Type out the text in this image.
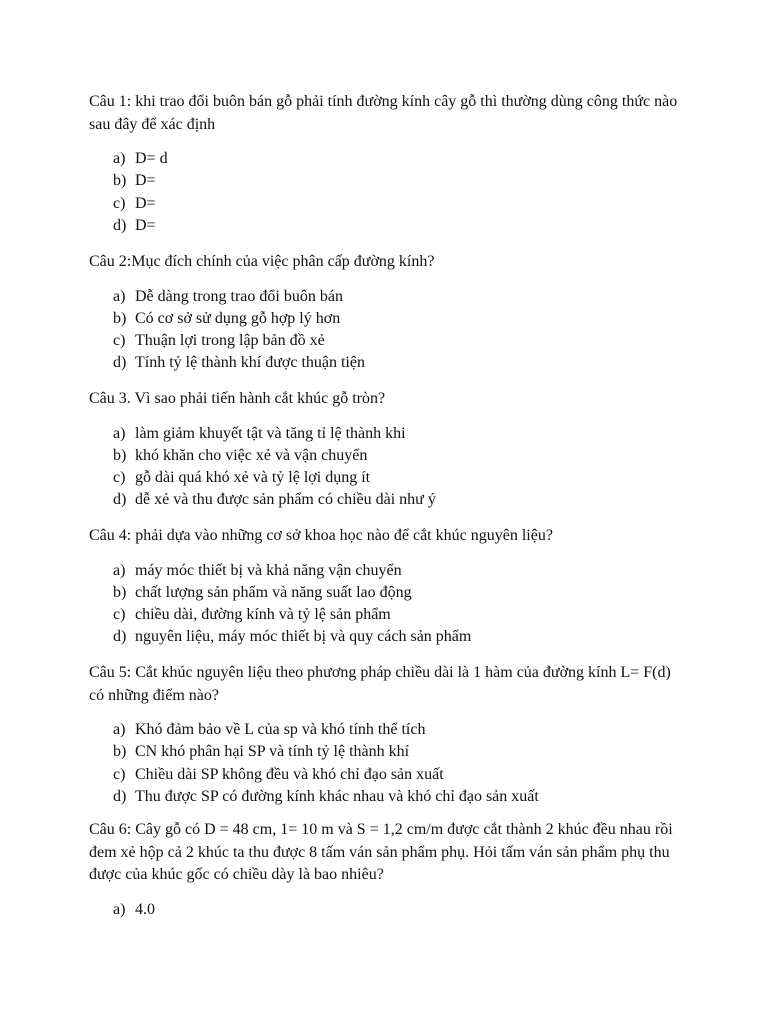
Câu 1: khi trao đổi buôn bán gỗ phải tính đường kính cây gỗ thì thường dùng công thức nào sau đây để xác định

a) D= d
b) D=
c) D=
d) D=

Câu 2:Mục đích chính của việc phân cấp đường kính?

a) Dễ dàng trong trao đổi buôn bán
b) Có cơ sở sử dụng gỗ hợp lý hơn
c) Thuận lợi trong lập bản đồ xẻ
d) Tính tỷ lệ thành khí được thuận tiện

Câu 3. Vì sao phải tiến hành cắt khúc gỗ tròn?

a) làm giảm khuyết tật và tăng tỉ lệ thành khi
b) khó khăn cho việc xẻ và vận chuyển
c) gỗ dài quá khó xẻ và tỷ lệ lợi dụng ít
d) dễ xẻ và thu được sản phẩm có chiều dài như ý

Câu 4: phải dựa vào những cơ sở khoa học nào để cắt khúc nguyên liệu?

a) máy móc thiết bị và khả năng vận chuyển
b) chất lượng sản phẩm và năng suất lao động
c) chiều dài, đường kính và tỷ lệ sản phẩm
d) nguyên liệu, máy móc thiết bị và quy cách sản phẩm

Câu 5: Cắt khúc nguyên liệu theo phương pháp chiều dài là 1 hàm của đường kính L= F(d) có những điểm nào?

a) Khó đảm bảo về L của sp và khó tính thể tích
b) CN khó phân hại SP và tính tỷ lệ thành khí
c) Chiều dài SP không đều và khó chỉ đạo sản xuất
d) Thu được SP có đường kính khác nhau và khó chỉ đạo sản xuất

Câu 6: Cây gỗ có D = 48 cm, 1= 10 m và S = 1,2 cm/m được cắt thành 2 khúc đều nhau rồi đem xẻ hộp cả 2 khúc ta thu được 8 tấm ván sản phẩm phụ. Hỏi tấm ván sản phẩm phụ thu được của khúc gốc có chiều dày là bao nhiêu?

a) 4.0
